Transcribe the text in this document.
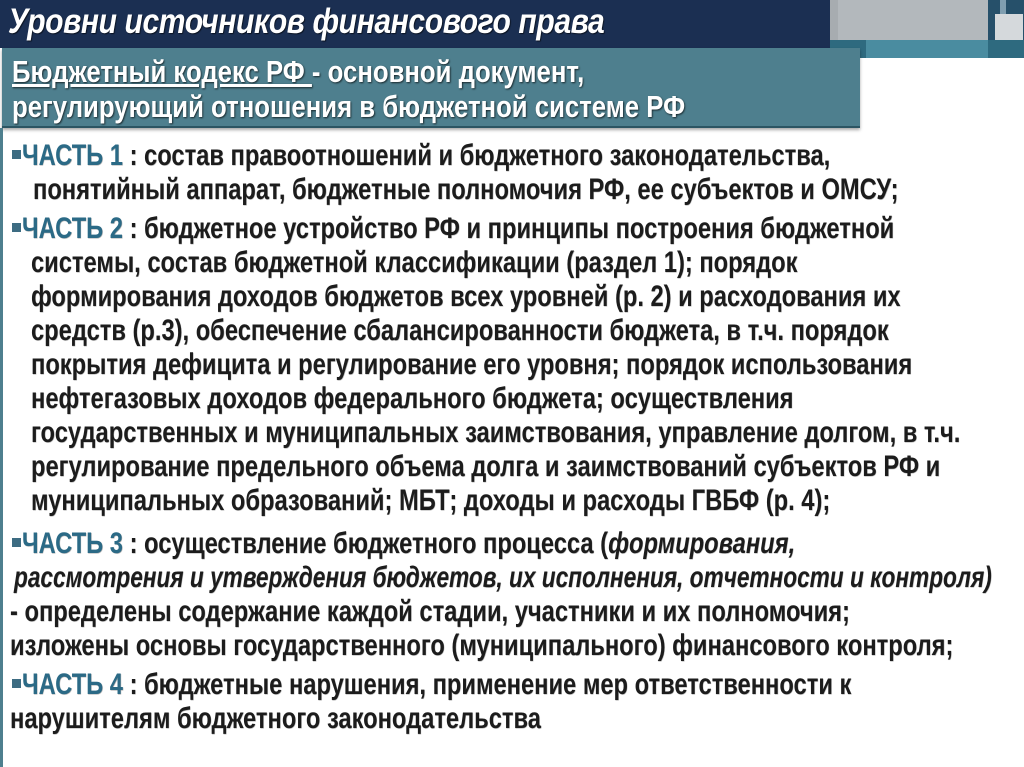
Уровни источников финансового права
Бюджетный кодекс РФ - основной документ,
регулирующий отношения в бюджетной системе РФ
ЧАСТЬ 1 : состав правоотношений и бюджетного законодательства,
понятийный аппарат, бюджетные полномочия РФ, ее субъектов и ОМСУ;
ЧАСТЬ 2 : бюджетное устройство РФ и принципы построения бюджетной
системы, состав бюджетной классификации (раздел 1); порядок
формирования доходов бюджетов всех уровней (р. 2) и расходования их
средств (р.3), обеспечение сбалансированности бюджета, в т.ч. порядок
покрытия дефицита и регулирование его уровня; порядок использования
нефтегазовых доходов федерального бюджета; осуществления
государственных и муниципальных заимствования, управление долгом, в т.ч.
регулирование предельного объема долга и заимствований субъектов РФ и
муниципальных образований; МБТ; доходы и расходы ГВБФ (р. 4);
ЧАСТЬ 3 : осуществление бюджетного процесса (формирования,
рассмотрения и утверждения бюджетов, их исполнения, отчетности и контроля)
- определены содержание каждой стадии, участники и их полномочия;
изложены основы государственного (муниципального) финансового контроля;
ЧАСТЬ 4 : бюджетные нарушения, применение мер ответственности к
нарушителям бюджетного законодательства
